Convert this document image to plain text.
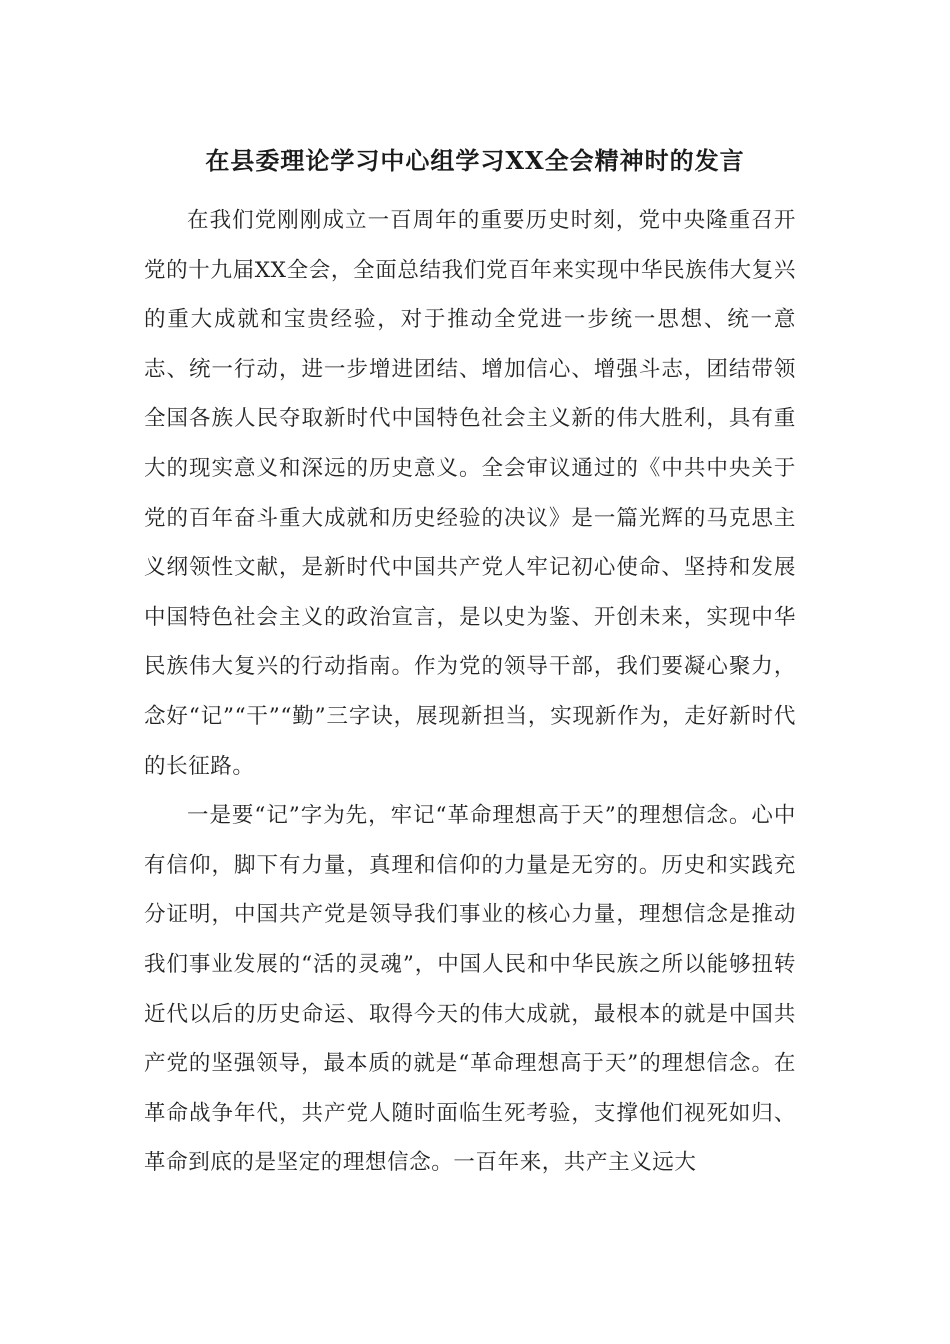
在县委理论学习中心组学习XX全会精神时的发言

在我们党刚刚成立一百周年的重要历史时刻，党中央隆重召开党的十九届XX全会，全面总结我们党百年来实现中华民族伟大复兴的重大成就和宝贵经验，对于推动全党进一步统一思想、统一意志、统一行动，进一步增进团结、增加信心、增强斗志，团结带领全国各族人民夺取新时代中国特色社会主义新的伟大胜利，具有重大的现实意义和深远的历史意义。全会审议通过的《中共中央关于党的百年奋斗重大成就和历史经验的决议》是一篇光辉的马克思主义纲领性文献，是新时代中国共产党人牢记初心使命、坚持和发展中国特色社会主义的政治宣言，是以史为鉴、开创未来，实现中华民族伟大复兴的行动指南。作为党的领导干部，我们要凝心聚力，念好“记”“干”“勤”三字诀，展现新担当，实现新作为，走好新时代的长征路。

一是要“记”字为先，牢记“革命理想高于天”的理想信念。心中有信仰，脚下有力量，真理和信仰的力量是无穷的。历史和实践充分证明，中国共产党是领导我们事业的核心力量，理想信念是推动我们事业发展的“活的灵魂”，中国人民和中华民族之所以能够扭转近代以后的历史命运、取得今天的伟大成就，最根本的就是中国共产党的坚强领导，最本质的就是“革命理想高于天”的理想信念。在革命战争年代，共产党人随时面临生死考验，支撑他们视死如归、革命到底的是坚定的理想信念。一百年来，共产主义远大
